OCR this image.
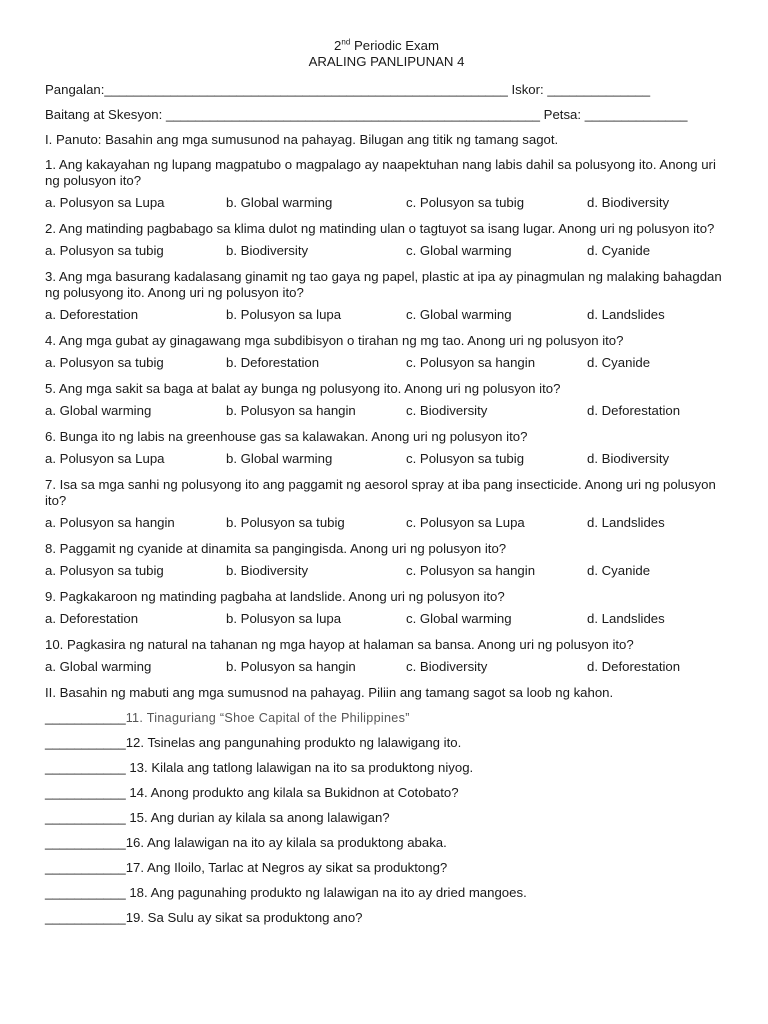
2nd Periodic Exam

ARALING PANLIPUNAN 4

Pangalan:_______________________________________________________ Iskor: ______________

Baitang at Skesyon: ___________________________________________________ Petsa: ______________

I. Panuto: Basahin ang mga sumusunod na pahayag. Bilugan ang titik ng tamang sagot.

1. Ang kakayahan ng lupang magpatubo o magpalago ay naapektuhan nang labis dahil sa polusyong ito. Anong uri ng polusyon ito?

a. Polusyon sa Lupa	b. Global warming	c. Polusyon sa tubig	d. Biodiversity

2. Ang matinding pagbabago sa klima dulot ng matinding ulan o tagtuyot sa isang lugar. Anong uri ng polusyon ito?

a. Polusyon sa tubig	b. Biodiversity	c. Global warming	d. Cyanide

3. Ang mga basurang kadalasang ginamit ng tao gaya ng papel, plastic at ipa ay pinagmulan ng malaking bahagdan ng polusyong ito. Anong uri ng polusyon ito?

a. Deforestation	b. Polusyon sa lupa	c. Global warming	d. Landslides

4. Ang mga gubat ay ginagawang mga subdibisyon o tirahan ng mg tao. Anong uri ng polusyon ito?

a. Polusyon sa tubig	b. Deforestation	c. Polusyon sa hangin	d. Cyanide

5. Ang mga sakit sa baga at balat ay bunga ng polusyong ito. Anong uri ng polusyon ito?

a. Global warming	b. Polusyon sa hangin	c. Biodiversity	d. Deforestation

6. Bunga ito ng labis na greenhouse gas sa kalawakan. Anong uri ng polusyon ito?

a. Polusyon sa Lupa	b. Global warming	c. Polusyon sa tubig	d. Biodiversity

7. Isa sa mga sanhi ng polusyong ito ang paggamit ng aesorol spray at iba pang insecticide. Anong uri ng polusyon ito?

a. Polusyon sa hangin	b. Polusyon sa tubig	c. Polusyon sa Lupa	d. Landslides

8. Paggamit ng cyanide at dinamita sa pangingisda. Anong uri ng polusyon ito?

a. Polusyon sa tubig	b. Biodiversity	c. Polusyon sa hangin	d. Cyanide

9. Pagkakaroon ng matinding pagbaha at landslide. Anong uri ng polusyon ito?

a. Deforestation	b. Polusyon sa lupa	c. Global warming	d. Landslides

10. Pagkasira ng natural na tahanan ng mga hayop at halaman sa bansa. Anong uri ng polusyon ito?

a. Global warming	b. Polusyon sa hangin	c. Biodiversity	d. Deforestation

II. Basahin ng mabuti ang mga sumusnod na pahayag. Piliin ang tamang sagot sa loob ng kahon.

___________11. Tinaguriang “Shoe Capital of the Philippines”

___________12. Tsinelas ang pangunahing produkto ng lalawigang ito.

___________ 13. Kilala ang tatlong lalawigan na ito sa produktong niyog.

___________ 14. Anong produkto ang kilala sa Bukidnon at Cotobato?

___________ 15. Ang durian ay kilala sa anong lalawigan?

___________16. Ang lalawigan na ito ay kilala sa produktong abaka.

___________17. Ang Iloilo, Tarlac at Negros ay sikat sa produktong?

___________ 18. Ang pagunahing produkto ng lalawigan na ito ay dried mangoes.

___________19. Sa Sulu ay sikat sa produktong ano?
